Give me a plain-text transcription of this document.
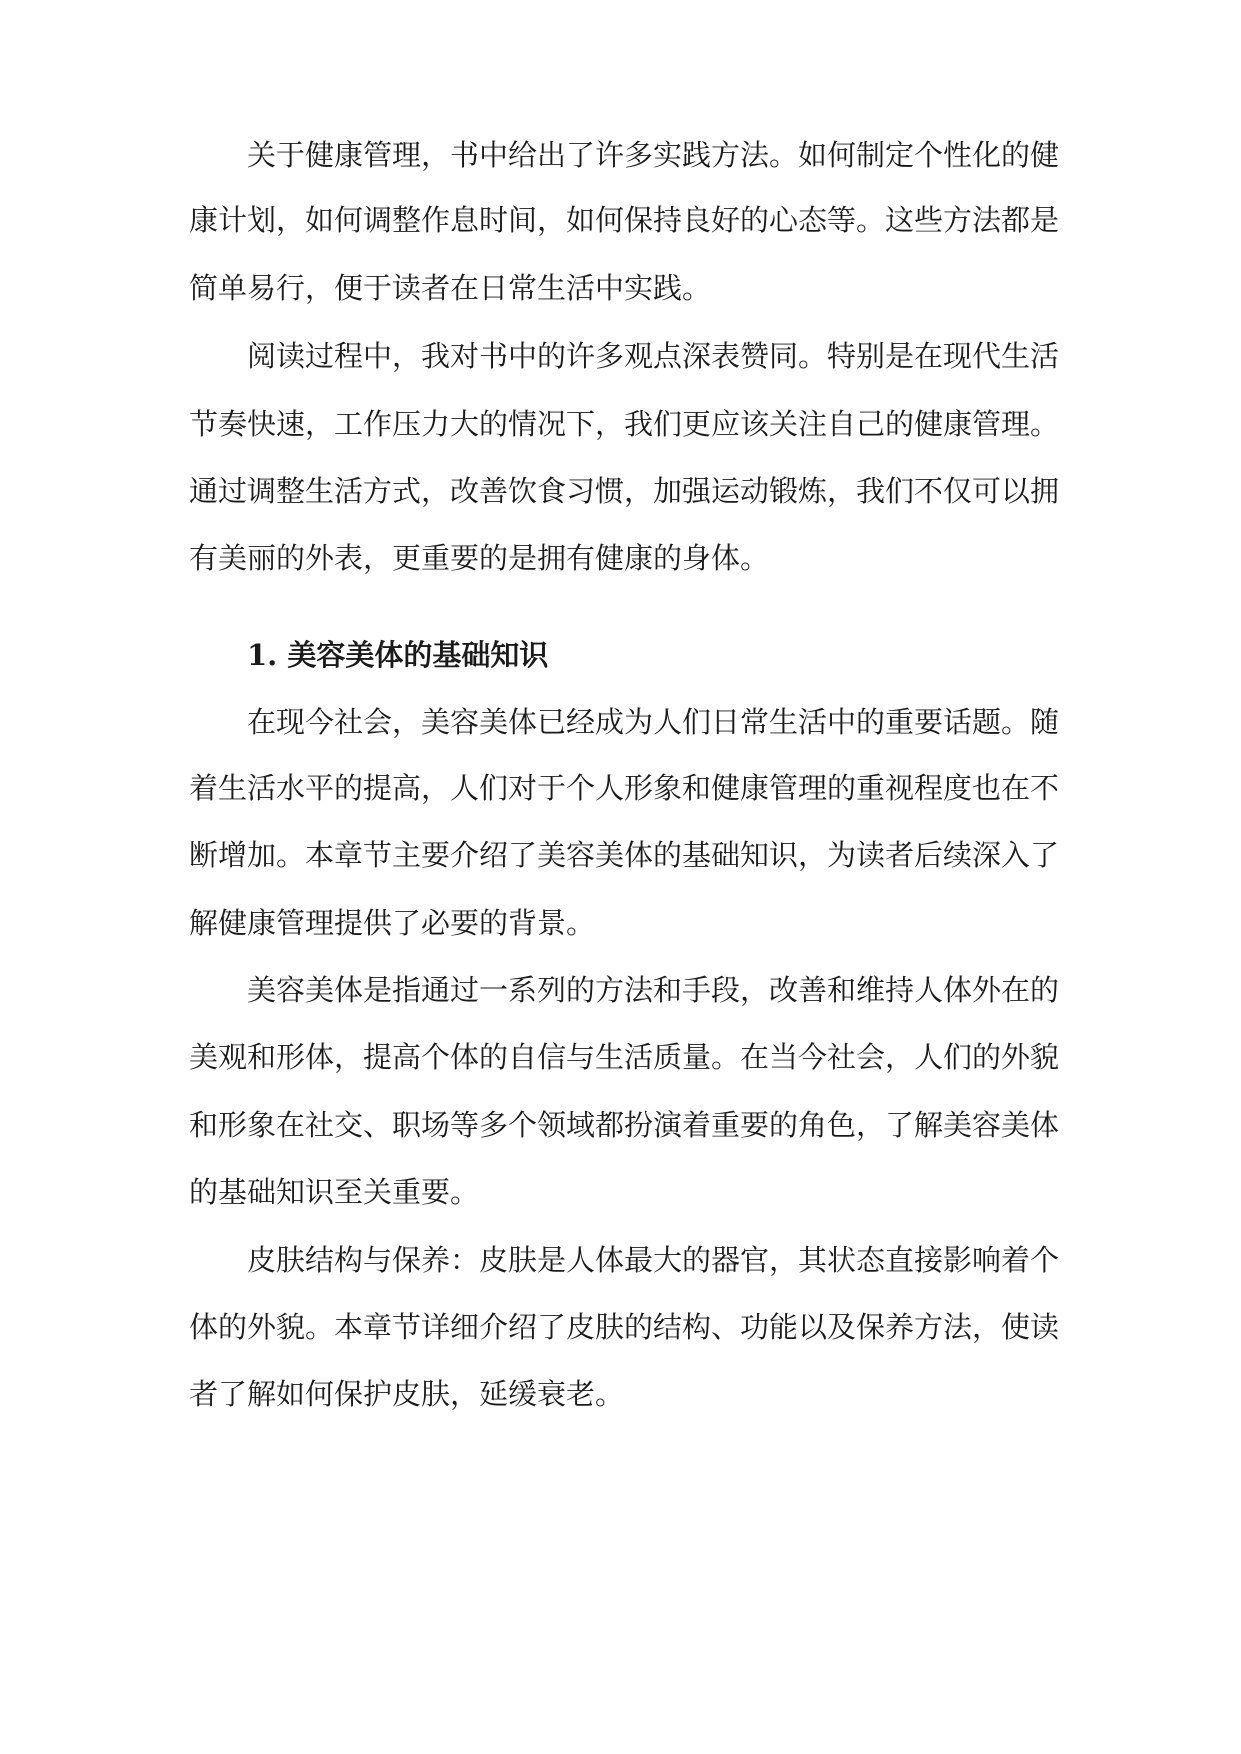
关于健康管理，书中给出了许多实践方法。如何制定个性化的健

康计划，如何调整作息时间，如何保持良好的心态等。这些方法都是

简单易行，便于读者在日常生活中实践。

阅读过程中，我对书中的许多观点深表赞同。特别是在现代生活

节奏快速，工作压力大的情况下，我们更应该关注自己的健康管理。

通过调整生活方式，改善饮食习惯，加强运动锻炼，我们不仅可以拥

有美丽的外表，更重要的是拥有健康的身体。

1. 美容美体的基础知识

在现今社会，美容美体已经成为人们日常生活中的重要话题。随

着生活水平的提高，人们对于个人形象和健康管理的重视程度也在不

断增加。本章节主要介绍了美容美体的基础知识，为读者后续深入了

解健康管理提供了必要的背景。

美容美体是指通过一系列的方法和手段，改善和维持人体外在的

美观和形体，提高个体的自信与生活质量。在当今社会，人们的外貌

和形象在社交、职场等多个领域都扮演着重要的角色，了解美容美体

的基础知识至关重要。

皮肤结构与保养：皮肤是人体最大的器官，其状态直接影响着个

体的外貌。本章节详细介绍了皮肤的结构、功能以及保养方法，使读

者了解如何保护皮肤，延缓衰老。
